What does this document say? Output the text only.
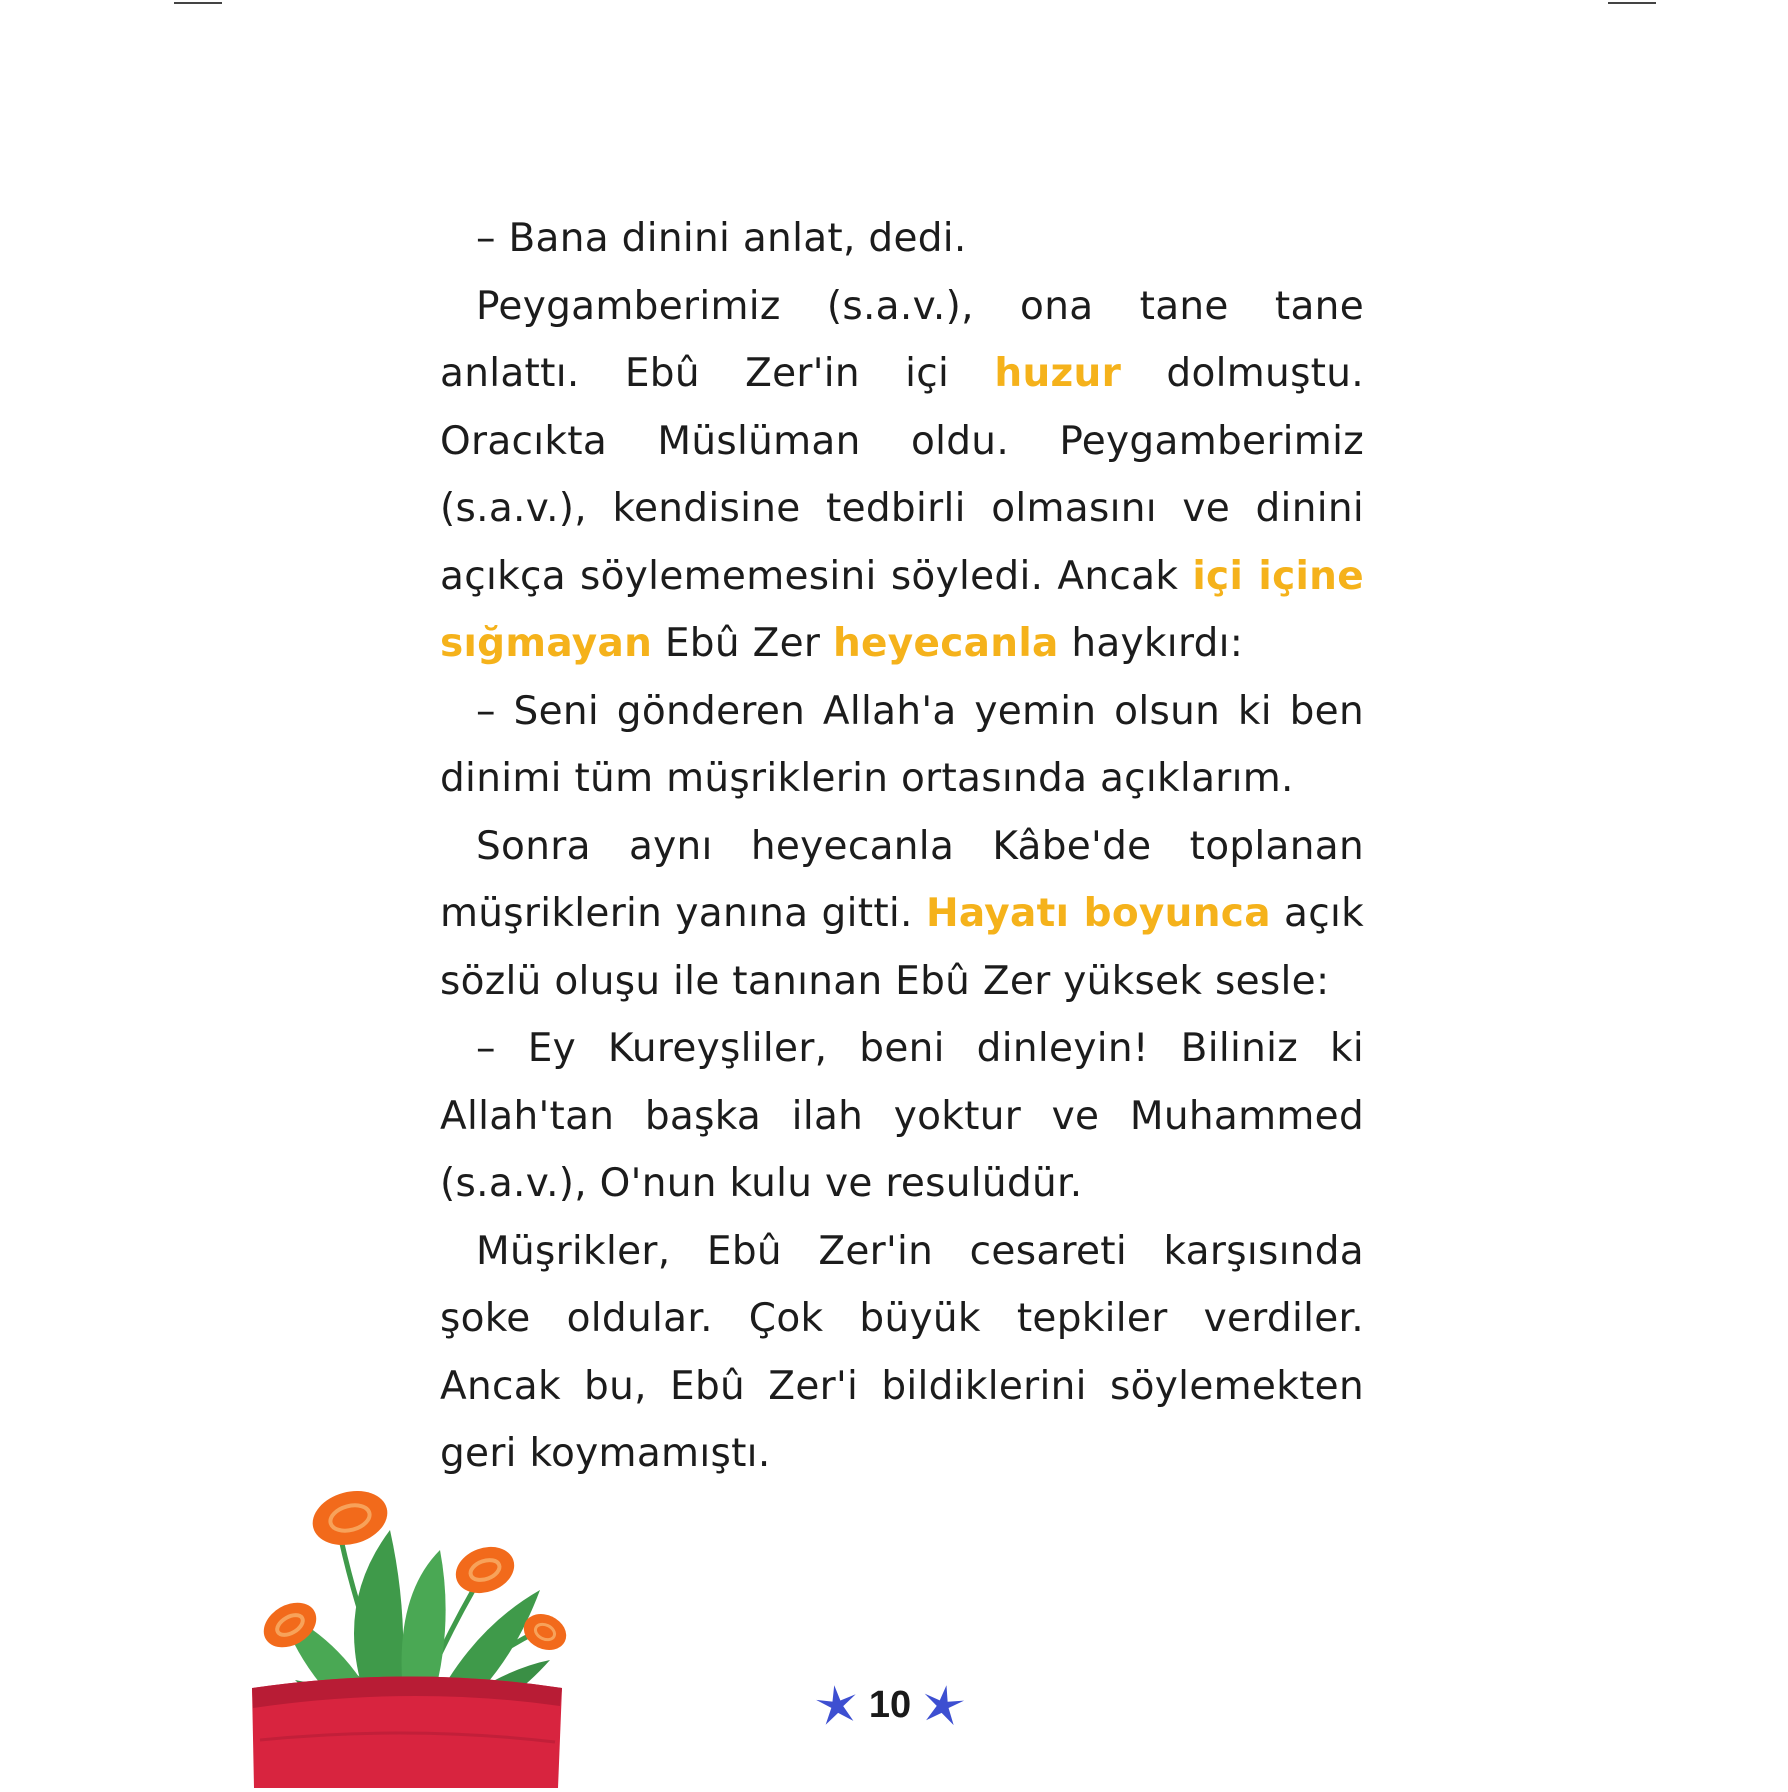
– Bana dinini anlat, dedi.

Peygamberimiz (s.a.v.), ona tane tane anlattı. Ebû Zer'in içi huzur dolmuştu. Oracıkta Müslüman oldu. Peygamberimiz (s.a.v.), kendisine tedbirli olmasını ve dinini açıkça söylememesini söyledi. Ancak içi içine sığmayan Ebû Zer heyecanla haykırdı:

– Seni gönderen Allah'a yemin olsun ki ben dinimi tüm müşriklerin ortasında açıklarım.

Sonra aynı heyecanla Kâbe'de toplanan müşriklerin yanına gitti. Hayatı boyunca açık sözlü oluşu ile tanınan Ebû Zer yüksek sesle:

– Ey Kureyşliler, beni dinleyin! Biliniz ki Allah'tan başka ilah yoktur ve Muhammed (s.a.v.), O'nun kulu ve resulüdür.

Müşrikler, Ebû Zer'in cesareti karşısında şoke oldular. Çok büyük tepkiler verdiler. Ancak bu, Ebû Zer'i bildiklerini söylemekten geri koymamıştı.

10
